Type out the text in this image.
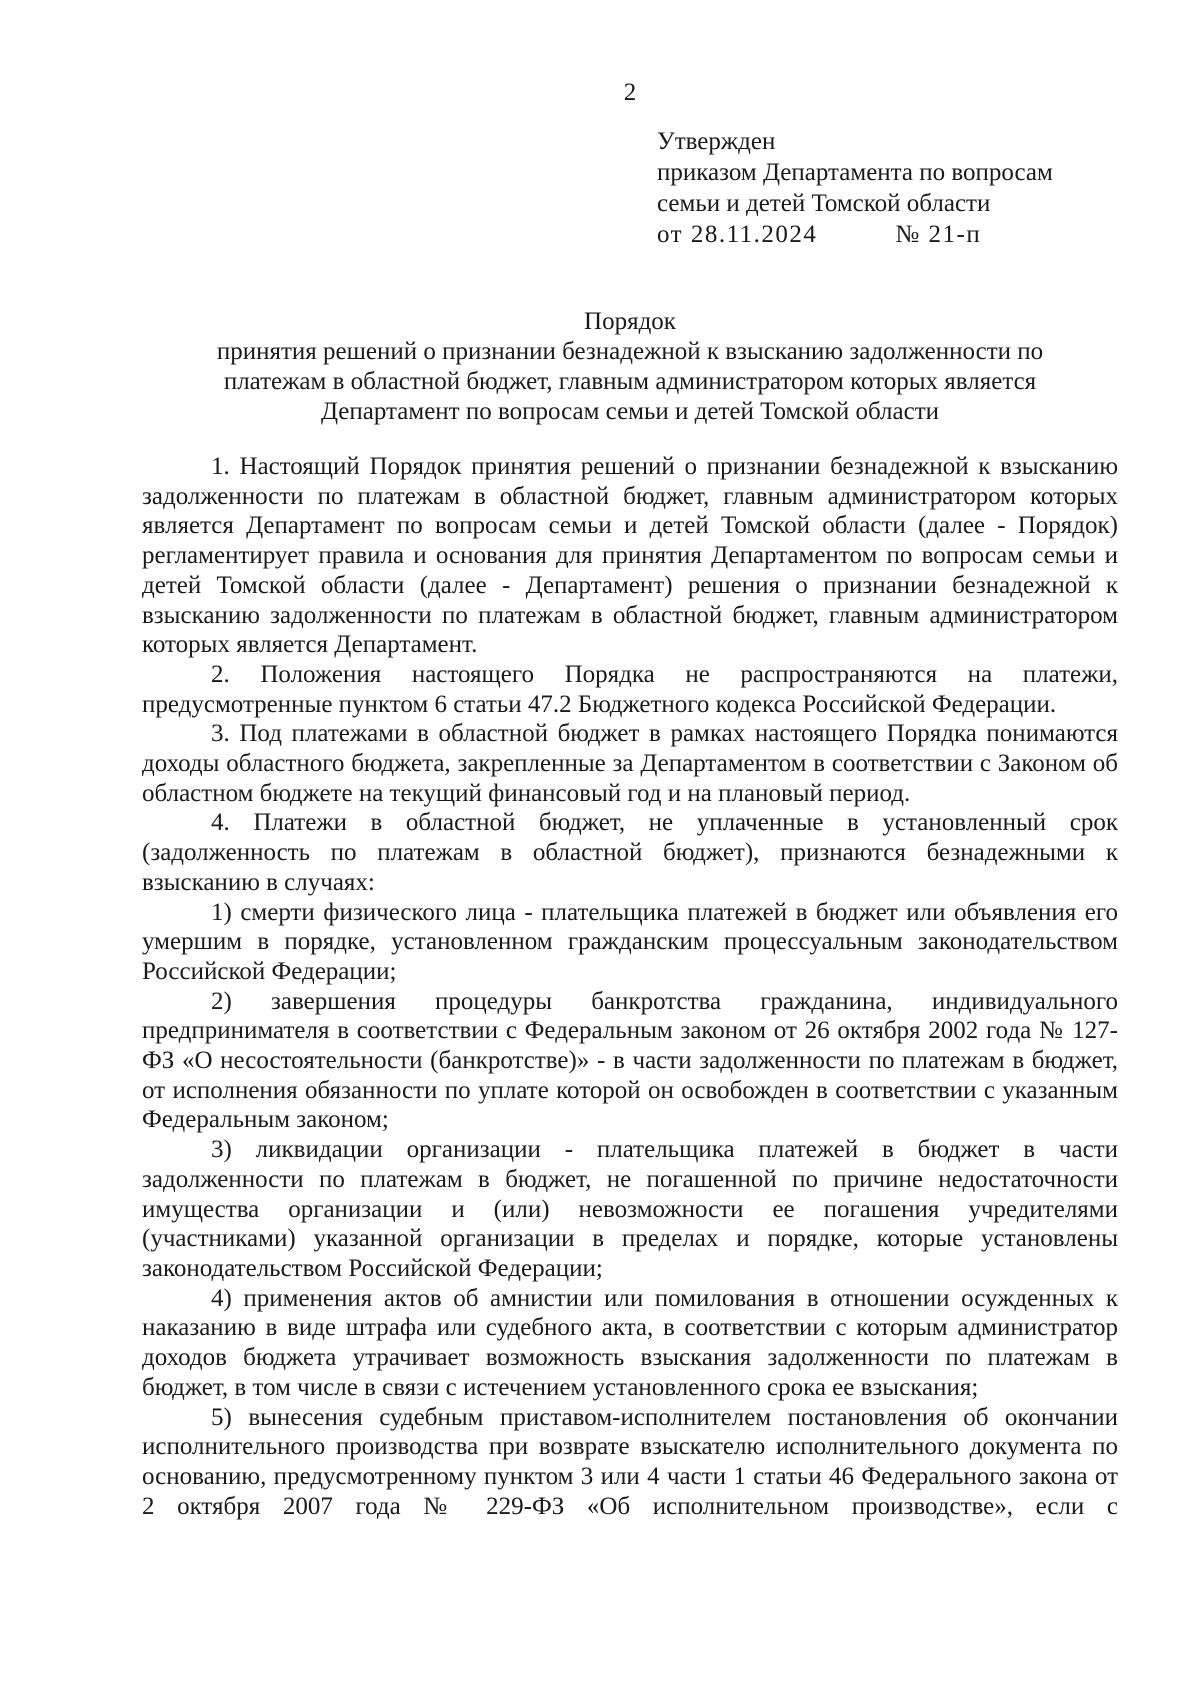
2
Утвержден
приказом Департамента по вопросам
семьи и детей Томской области
от 28.11.2024	№ 21-п
Порядок
принятия решений о признании безнадежной к взысканию задолженности по
платежам в областной бюджет, главным администратором которых является
Департамент по вопросам семьи и детей Томской области

1. Настоящий Порядок принятия решений о признании безнадежной к взысканию задолженности по платежам в областной бюджет, главным администратором которых является Департамент по вопросам семьи и детей Томской области (далее - Порядок) регламентирует правила и основания для принятия Департаментом по вопросам семьи и детей Томской области (далее - Департамент) решения о признании безнадежной к взысканию задолженности по платежам в областной бюджет, главным администратором которых является Департамент.

2. Положения настоящего Порядка не распространяются на платежи, предусмотренные пунктом 6 статьи 47.2 Бюджетного кодекса Российской Федерации.

3. Под платежами в областной бюджет в рамках настоящего Порядка понимаются доходы областного бюджета, закрепленные за Департаментом в соответствии с Законом об областном бюджете на текущий финансовый год и на плановый период.

4. Платежи в областной бюджет, не уплаченные в установленный срок (задолженность по платежам в областной бюджет), признаются безнадежными к взысканию в случаях:

1) смерти физического лица - плательщика платежей в бюджет или объявления его умершим в порядке, установленном гражданским процессуальным законодательством Российской Федерации;

2) завершения процедуры банкротства гражданина, индивидуального предпринимателя в соответствии с Федеральным законом от 26 октября 2002 года № 127-ФЗ «О несостоятельности (банкротстве)» - в части задолженности по платежам в бюджет, от исполнения обязанности по уплате которой он освобожден в соответствии с указанным Федеральным законом;

3) ликвидации организации - плательщика платежей в бюджет в части задолженности по платежам в бюджет, не погашенной по причине недостаточности имущества организации и (или) невозможности ее погашения учредителями (участниками) указанной организации в пределах и порядке, которые установлены законодательством Российской Федерации;

4) применения актов об амнистии или помилования в отношении осужденных к наказанию в виде штрафа или судебного акта, в соответствии с которым администратор доходов бюджета утрачивает возможность взыскания задолженности по платежам в бюджет, в том числе в связи с истечением установленного срока ее взыскания;

5) вынесения судебным приставом-исполнителем постановления об окончании исполнительного производства при возврате взыскателю исполнительного документа по основанию, предусмотренному пунктом 3 или 4 части 1 статьи 46 Федерального закона от 2 октября 2007 года № 229-ФЗ «Об исполнительном производстве», если с
